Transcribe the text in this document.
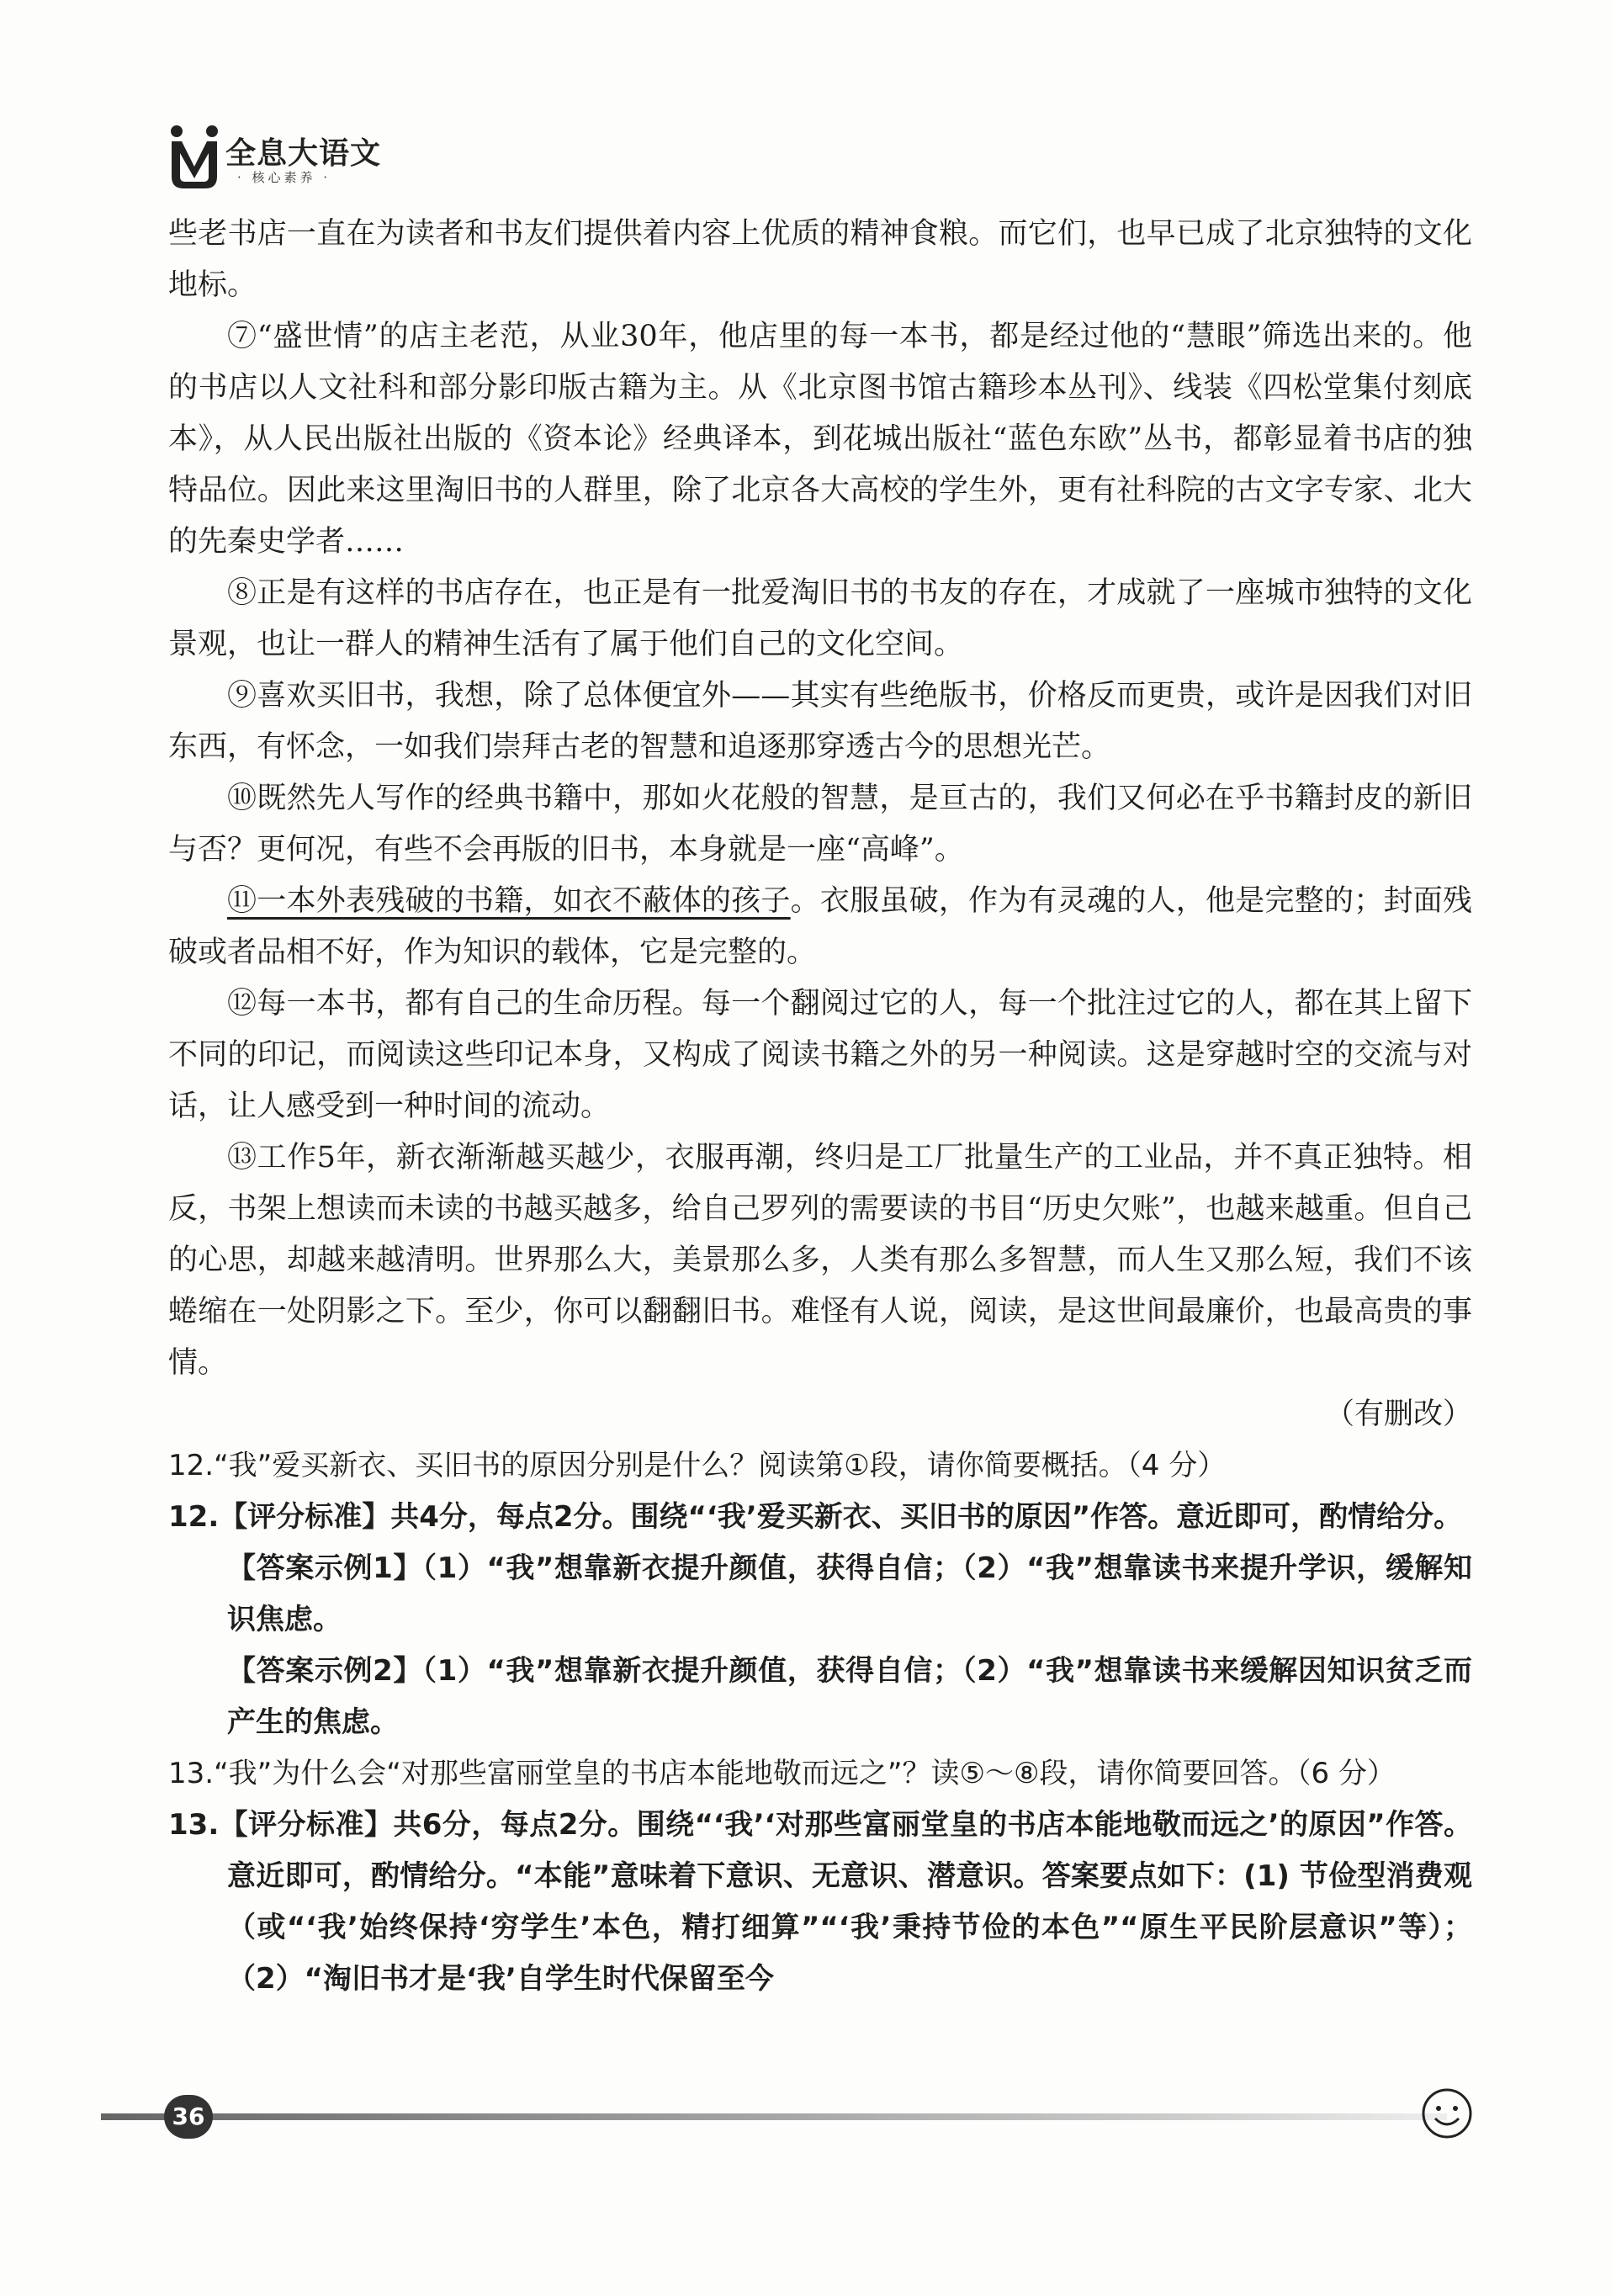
全息大语文
· 核心素养 ·

些老书店一直在为读者和书友们提供着内容上优质的精神食粮。而它们，也早已成了北京独特的文化地标。

⑦“盛世情”的店主老范，从业30年，他店里的每一本书，都是经过他的“慧眼”筛选出来的。他的书店以人文社科和部分影印版古籍为主。从《北京图书馆古籍珍本丛刊》、线装《四松堂集付刻底本》，从人民出版社出版的《资本论》经典译本，到花城出版社“蓝色东欧”丛书，都彰显着书店的独特品位。因此来这里淘旧书的人群里，除了北京各大高校的学生外，更有社科院的古文字专家、北大的先秦史学者……

⑧正是有这样的书店存在，也正是有一批爱淘旧书的书友的存在，才成就了一座城市独特的文化景观，也让一群人的精神生活有了属于他们自己的文化空间。

⑨喜欢买旧书，我想，除了总体便宜外——其实有些绝版书，价格反而更贵，或许是因我们对旧东西，有怀念，一如我们崇拜古老的智慧和追逐那穿透古今的思想光芒。

⑩既然先人写作的经典书籍中，那如火花般的智慧，是亘古的，我们又何必在乎书籍封皮的新旧与否？更何况，有些不会再版的旧书，本身就是一座“高峰”。

⑪一本外表残破的书籍，如衣不蔽体的孩子。衣服虽破，作为有灵魂的人，他是完整的；封面残破或者品相不好，作为知识的载体，它是完整的。

⑫每一本书，都有自己的生命历程。每一个翻阅过它的人，每一个批注过它的人，都在其上留下不同的印记，而阅读这些印记本身，又构成了阅读书籍之外的另一种阅读。这是穿越时空的交流与对话，让人感受到一种时间的流动。

⑬工作5年，新衣渐渐越买越少，衣服再潮，终归是工厂批量生产的工业品，并不真正独特。相反，书架上想读而未读的书越买越多，给自己罗列的需要读的书目“历史欠账”，也越来越重。但自己的心思，却越来越清明。世界那么大，美景那么多，人类有那么多智慧，而人生又那么短，我们不该蜷缩在一处阴影之下。至少，你可以翻翻旧书。难怪有人说，阅读，是这世间最廉价，也最高贵的事情。

（有删改）

12.“我”爱买新衣、买旧书的原因分别是什么？阅读第①段，请你简要概括。（4 分）

12.【评分标准】共4分，每点2分。围绕“‘我’爱买新衣、买旧书的原因”作答。意近即可，酌情给分。

【答案示例1】（1）“我”想靠新衣提升颜值，获得自信；（2）“我”想靠读书来提升学识，缓解知识焦虑。

【答案示例2】（1）“我”想靠新衣提升颜值，获得自信；（2）“我”想靠读书来缓解因知识贫乏而产生的焦虑。

13.“我”为什么会“对那些富丽堂皇的书店本能地敬而远之”？读⑤～⑧段，请你简要回答。（6 分）

13.【评分标准】共6分，每点2分。围绕“‘我’‘对那些富丽堂皇的书店本能地敬而远之’的原因”作答。意近即可，酌情给分。“本能”意味着下意识、无意识、潜意识。答案要点如下：(1) 节俭型消费观（或“‘我’始终保持‘穷学生’本色，精打细算”“‘我’秉持节俭的本色”“原生平民阶层意识”等）；（2）“淘旧书才是‘我’自学生时代保留至今

36
